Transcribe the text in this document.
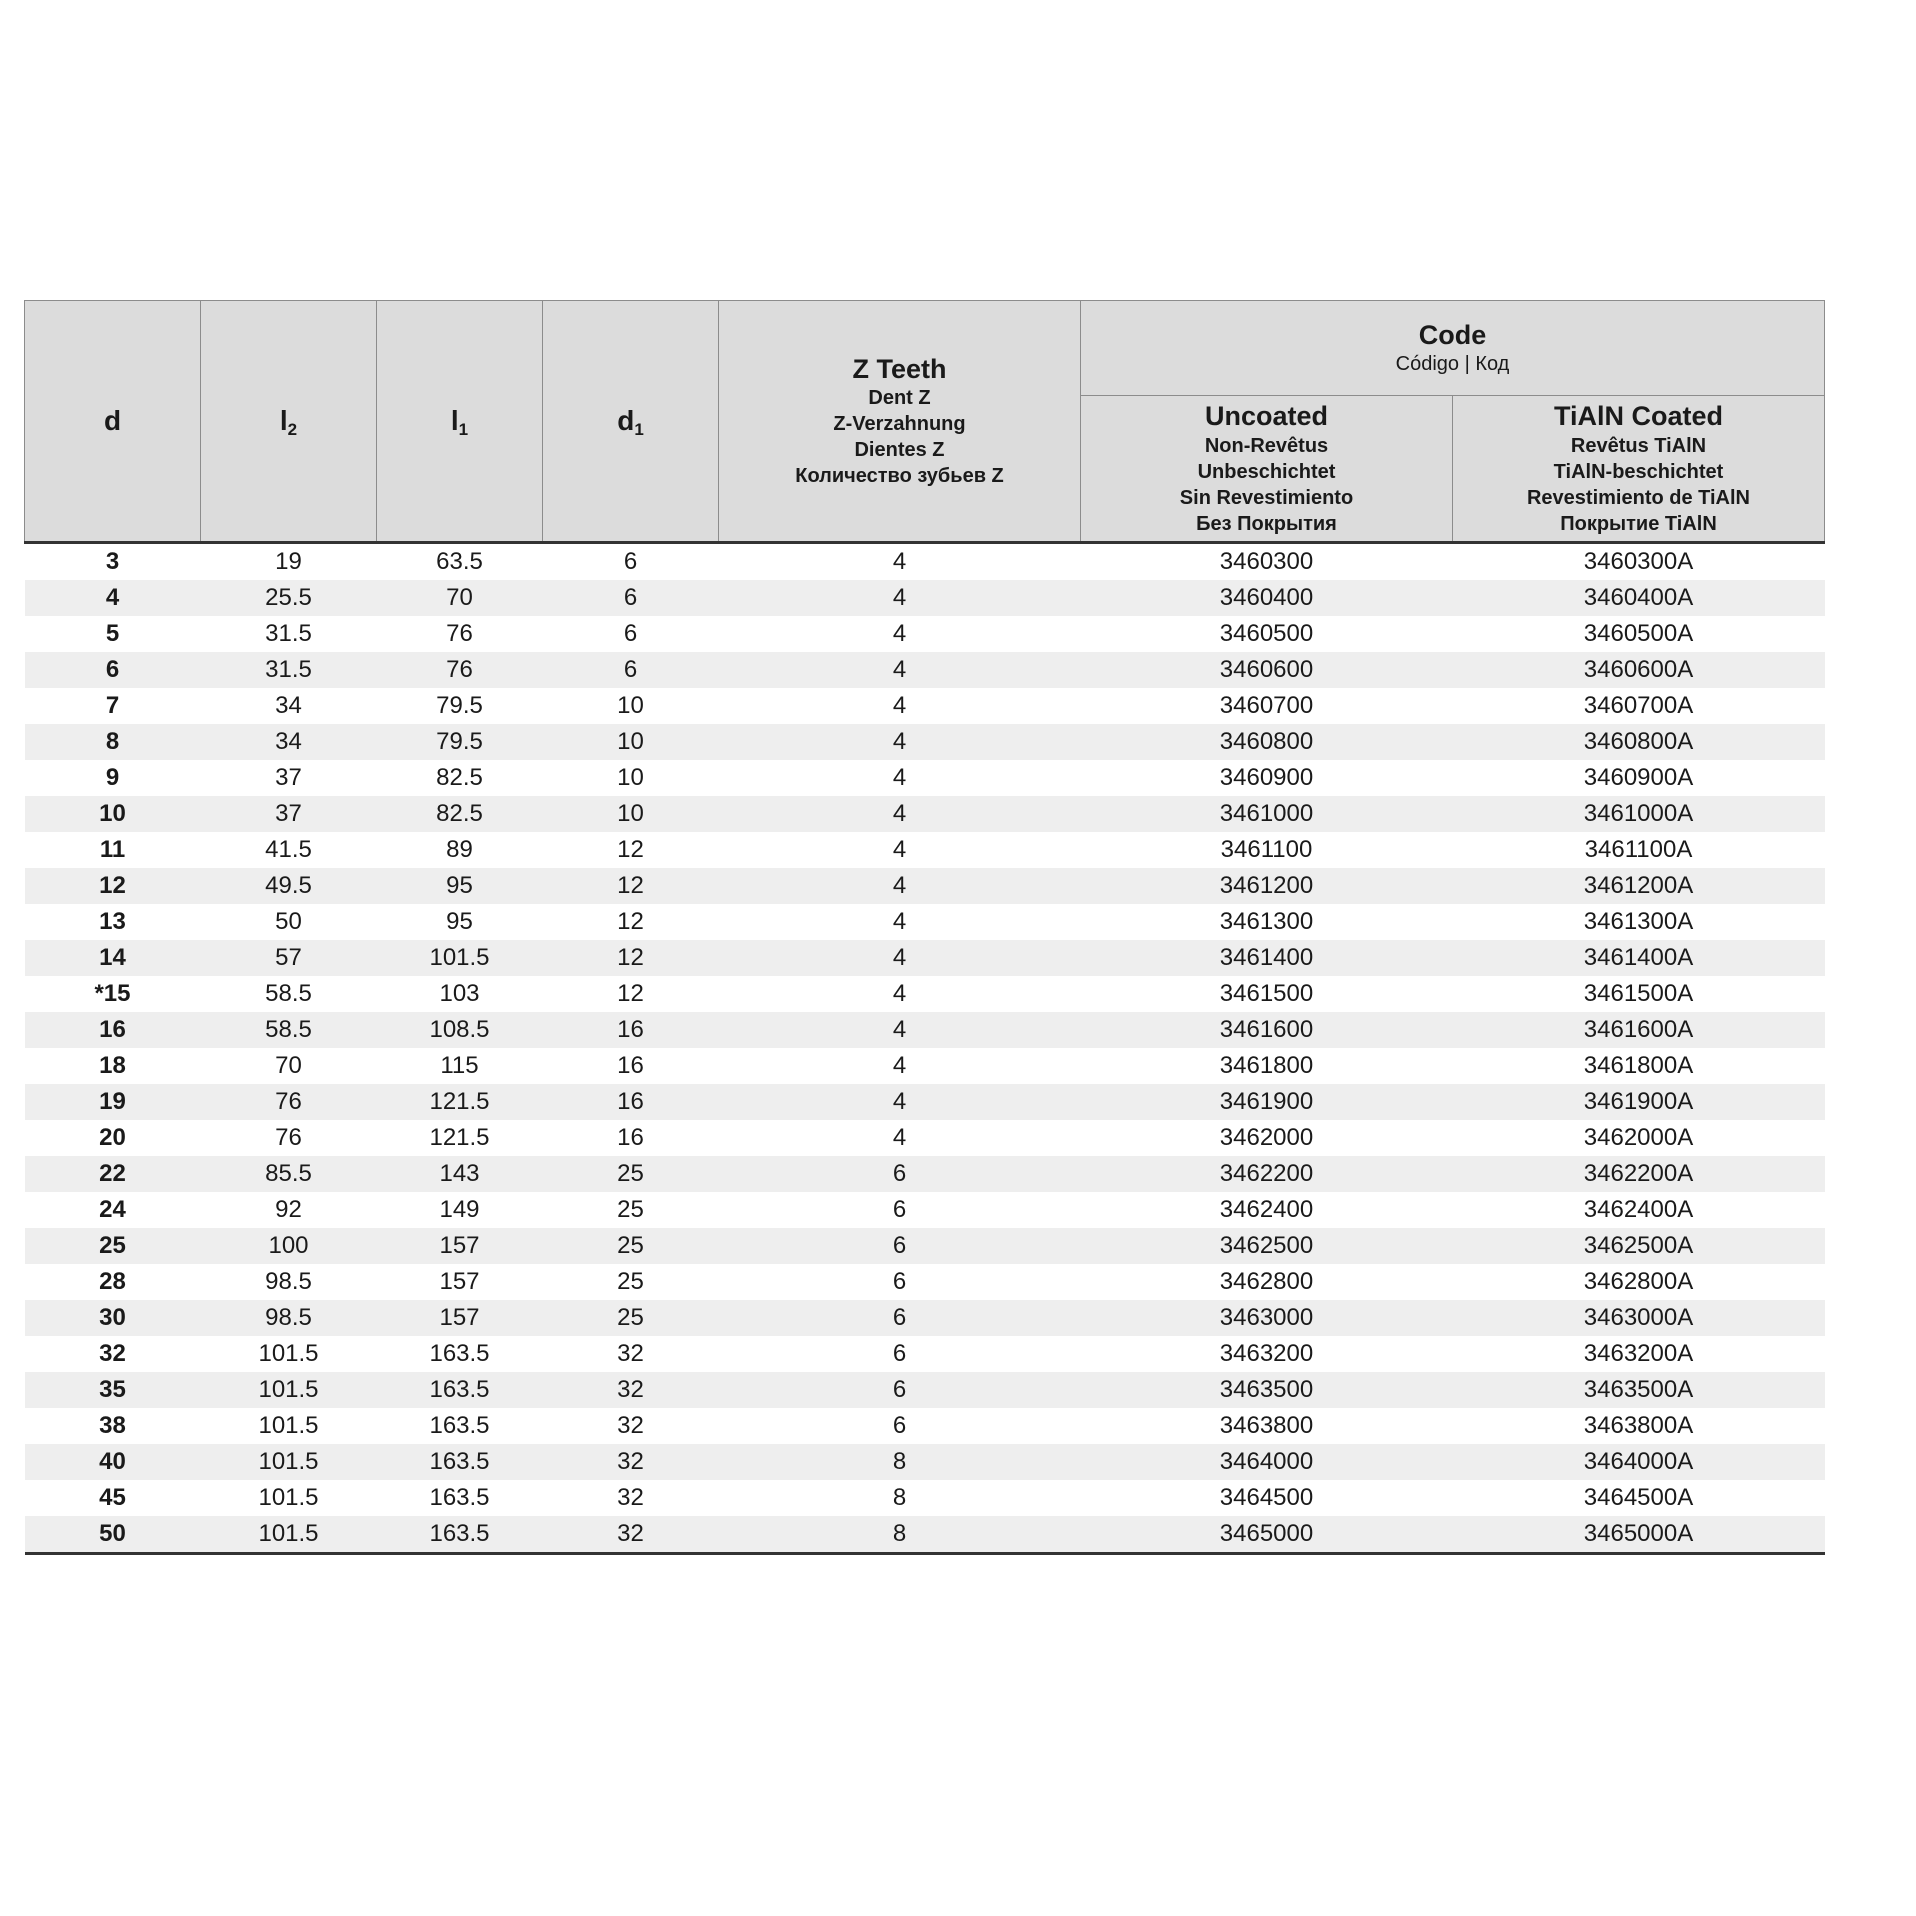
d	$l_2$	$l_1$	$d_1$	Z Teeth
Dent Z
Z-Verzahnung
Dientes Z
Количество зубьев Z	Code
Código | Код	

					Uncoated
Non-Revêtus
Unbeschichtet
Sin Revestimiento
Без Покрытия	TiAlN Coated
Revêtus TiAlN
TiAlN-beschichtet
Revestimiento de TiAlN
Покрытие TiAlN

3	19	63.5	6	4	3460300	3460300A
4	25.5	70	6	4	3460400	3460400A
5	31.5	76	6	4	3460500	3460500A
6	31.5	76	6	4	3460600	3460600A
7	34	79.5	10	4	3460700	3460700A
8	34	79.5	10	4	3460800	3460800A
9	37	82.5	10	4	3460900	3460900A
10	37	82.5	10	4	3461000	3461000A
11	41.5	89	12	4	3461100	3461100A
12	49.5	95	12	4	3461200	3461200A
13	50	95	12	4	3461300	3461300A
14	57	101.5	12	4	3461400	3461400A
*15	58.5	103	12	4	3461500	3461500A
16	58.5	108.5	16	4	3461600	3461600A
18	70	115	16	4	3461800	3461800A
19	76	121.5	16	4	3461900	3461900A
20	76	121.5	16	4	3462000	3462000A
22	85.5	143	25	6	3462200	3462200A
24	92	149	25	6	3462400	3462400A
25	100	157	25	6	3462500	3462500A
28	98.5	157	25	6	3462800	3462800A
30	98.5	157	25	6	3463000	3463000A
32	101.5	163.5	32	6	3463200	3463200A
35	101.5	163.5	32	6	3463500	3463500A
38	101.5	163.5	32	6	3463800	3463800A
40	101.5	163.5	32	8	3464000	3464000A
45	101.5	163.5	32	8	3464500	3464500A
50	101.5	163.5	32	8	3465000	3465000A
